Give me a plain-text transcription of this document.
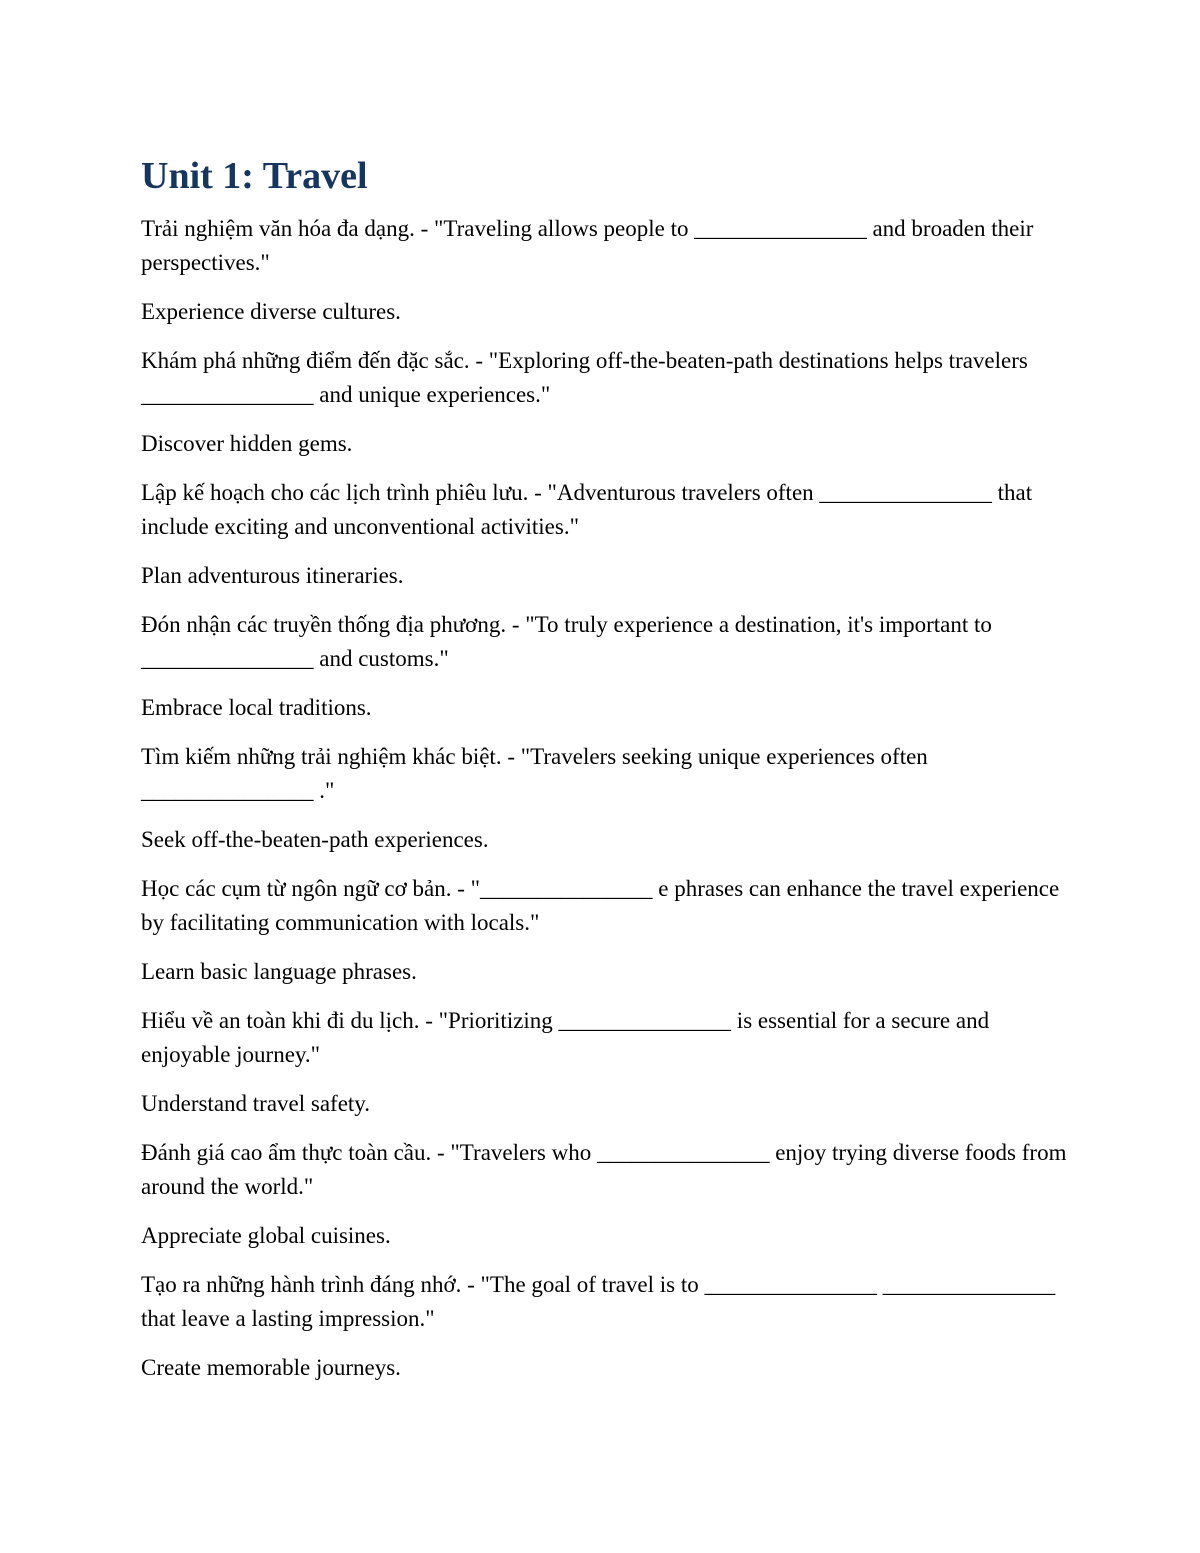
Unit 1: Travel

Trải nghiệm văn hóa đa dạng. - "Traveling allows people to _______________ and broaden their perspectives."

Experience diverse cultures.

Khám phá những điểm đến đặc sắc. - "Exploring off-the-beaten-path destinations helps travelers _______________ and unique experiences."

Discover hidden gems.

Lập kế hoạch cho các lịch trình phiêu lưu. - "Adventurous travelers often _______________ that include exciting and unconventional activities."

Plan adventurous itineraries.

Đón nhận các truyền thống địa phương. - "To truly experience a destination, it's important to _______________ and customs."

Embrace local traditions.

Tìm kiếm những trải nghiệm khác biệt. - "Travelers seeking unique experiences often _______________ ."

Seek off-the-beaten-path experiences.

Học các cụm từ ngôn ngữ cơ bản. - "_______________ e phrases can enhance the travel experience by facilitating communication with locals."

Learn basic language phrases.

Hiểu về an toàn khi đi du lịch. - "Prioritizing _______________ is essential for a secure and enjoyable journey."

Understand travel safety.

Đánh giá cao ẩm thực toàn cầu. - "Travelers who _______________ enjoy trying diverse foods from around the world."

Appreciate global cuisines.

Tạo ra những hành trình đáng nhớ. - "The goal of travel is to _______________ _______________ that leave a lasting impression."

Create memorable journeys.
